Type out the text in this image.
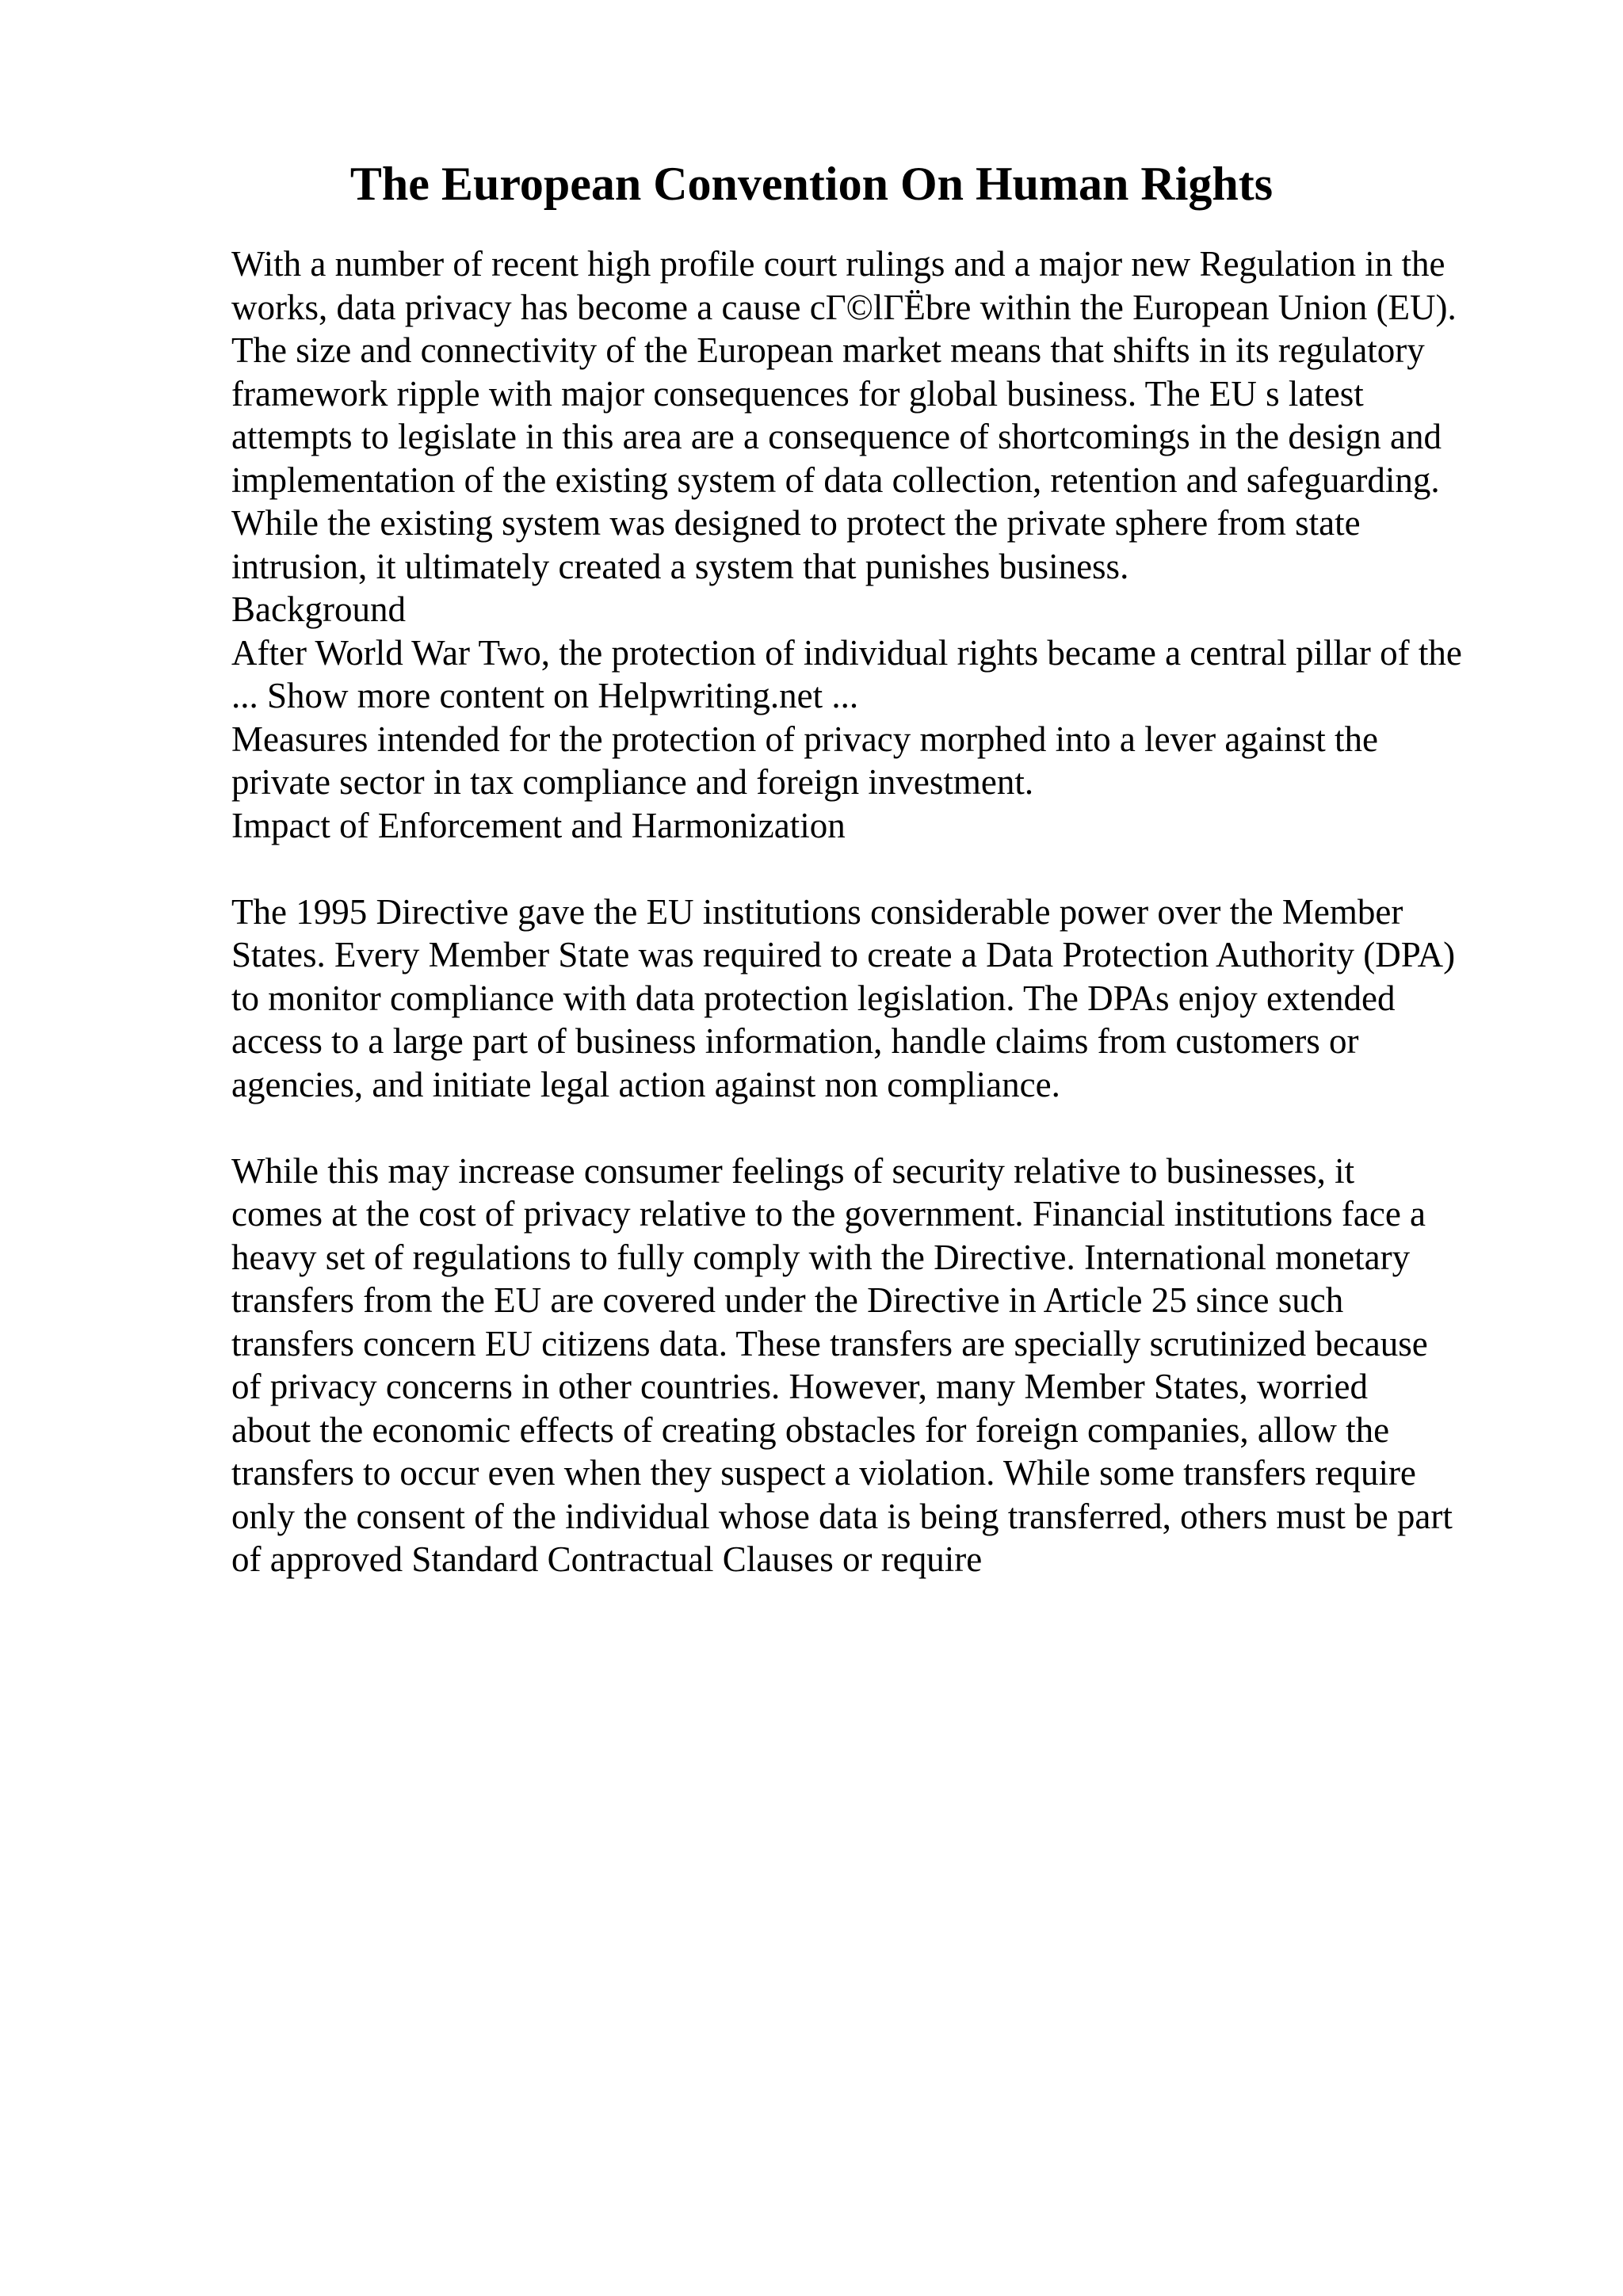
The European Convention On Human Rights
With a number of recent high profile court rulings and a major new Regulation in the
works, data privacy has become a cause cΓ©lΓËbre within the European Union (EU).
The size and connectivity of the European market means that shifts in its regulatory
framework ripple with major consequences for global business. The EU s latest
attempts to legislate in this area are a consequence of shortcomings in the design and
implementation of the existing system of data collection, retention and safeguarding.
While the existing system was designed to protect the private sphere from state
intrusion, it ultimately created a system that punishes business.
Background
After World War Two, the protection of individual rights became a central pillar of the
... Show more content on Helpwriting.net ...
Measures intended for the protection of privacy morphed into a lever against the
private sector in tax compliance and foreign investment.
Impact of Enforcement and Harmonization
The 1995 Directive gave the EU institutions considerable power over the Member
States. Every Member State was required to create a Data Protection Authority (DPA)
to monitor compliance with data protection legislation. The DPAs enjoy extended
access to a large part of business information, handle claims from customers or
agencies, and initiate legal action against non compliance.
While this may increase consumer feelings of security relative to businesses, it
comes at the cost of privacy relative to the government. Financial institutions face a
heavy set of regulations to fully comply with the Directive. International monetary
transfers from the EU are covered under the Directive in Article 25 since such
transfers concern EU citizens data. These transfers are specially scrutinized because
of privacy concerns in other countries. However, many Member States, worried
about the economic effects of creating obstacles for foreign companies, allow the
transfers to occur even when they suspect a violation. While some transfers require
only the consent of the individual whose data is being transferred, others must be part
of approved Standard Contractual Clauses or require
